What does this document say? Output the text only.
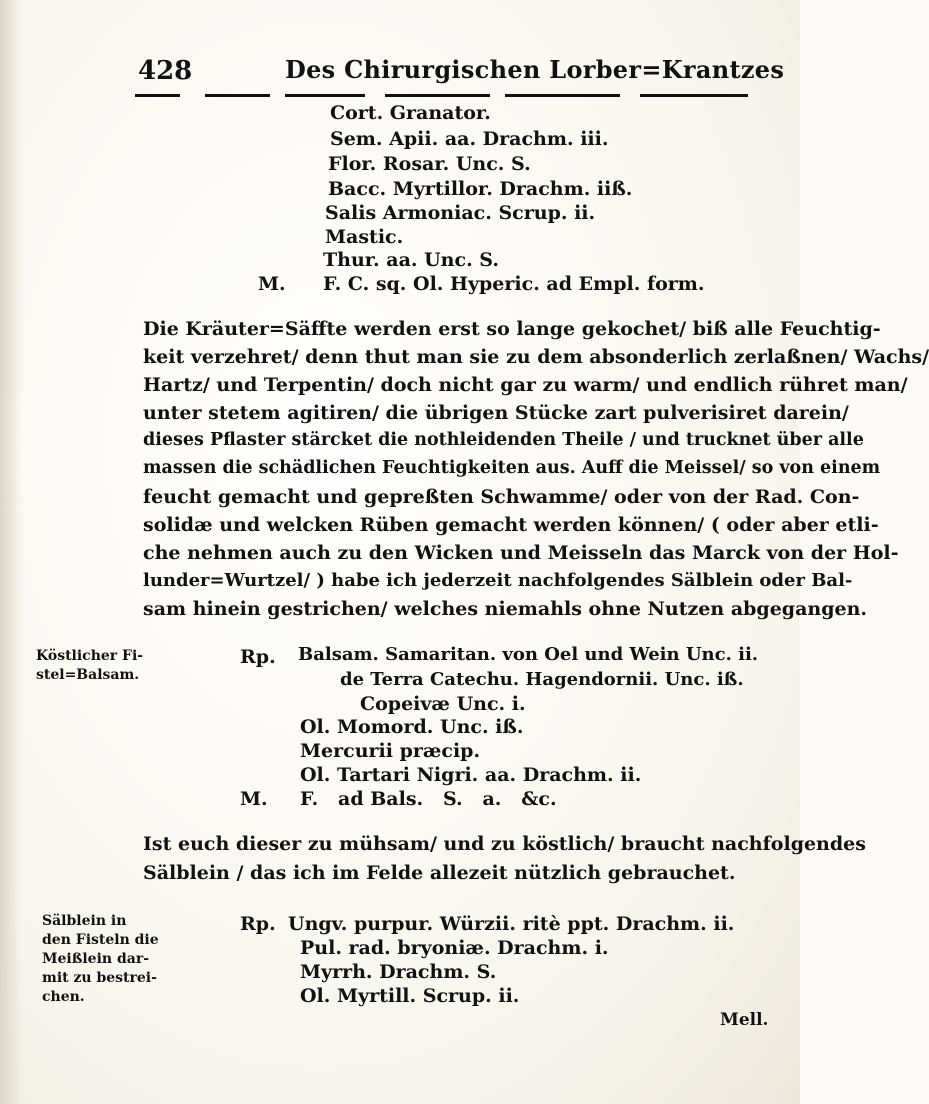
428	Des Chirurgischen Lorber=Krantzes
Cort. Granator.
Sem. Apii. aa. Drachm. iii.
Flor. Rosar. Unc. S.
Bacc. Myrtillor. Drachm. iiß.
Salis Armoniac. Scrup. ii.
Mastic.
Thur. aa. Unc. S.
M. F. C. sq. Ol. Hyperic. ad Empl. form.
Die Kräuter=Säffte werden erst so lange gekochet/ biß alle Feuchtig-
keit verzehret/ denn thut man sie zu dem absonderlich zerlaßnen/ Wachs/
Hartz/ und Terpentin/ doch nicht gar zu warm/ und endlich rühret man/
unter stetem agitiren/ die übrigen Stücke zart pulverisiret darein/
dieses Pflaster stärcket die nothleidenden Theile / und trucknet über alle
massen die schädlichen Feuchtigkeiten aus. Auff die Meissel/ so von einem
feucht gemacht und gepreßten Schwamme/ oder von der Rad. Con-
solidæ und welcken Rüben gemacht werden können/ ( oder aber etli-
che nehmen auch zu den Wicken und Meisseln das Marck von der Hol-
lunder=Wurtzel/ ) habe ich jederzeit nachfolgendes Sälblein oder Bal-
sam hinein gestrichen/ welches niemahls ohne Nutzen abgegangen.
Köstlicher Fi-
stel=Balsam.
Rp. Balsam. Samaritan. von Oel und Wein Unc. ii.
de Terra Catechu. Hagendornii. Unc. iß.
Copeivæ Unc. i.
Ol. Momord. Unc. iß.
Mercurii præcip.
Ol. Tartari Nigri. aa. Drachm. ii.
M. F.   ad Bals.   S.   a.   &c.
Ist euch dieser zu mühsam/ und zu köstlich/ braucht nachfolgendes
Sälblein / das ich im Felde allezeit nützlich gebrauchet.
Sälblein in
den Fisteln die
Meißlein dar-
mit zu bestrei-
chen.
Rp. Ungv. purpur. Würzii. ritè ppt. Drachm. ii.
Pul. rad. bryoniæ. Drachm. i.
Myrrh. Drachm. S.
Ol. Myrtill. Scrup. ii.
Mell.
